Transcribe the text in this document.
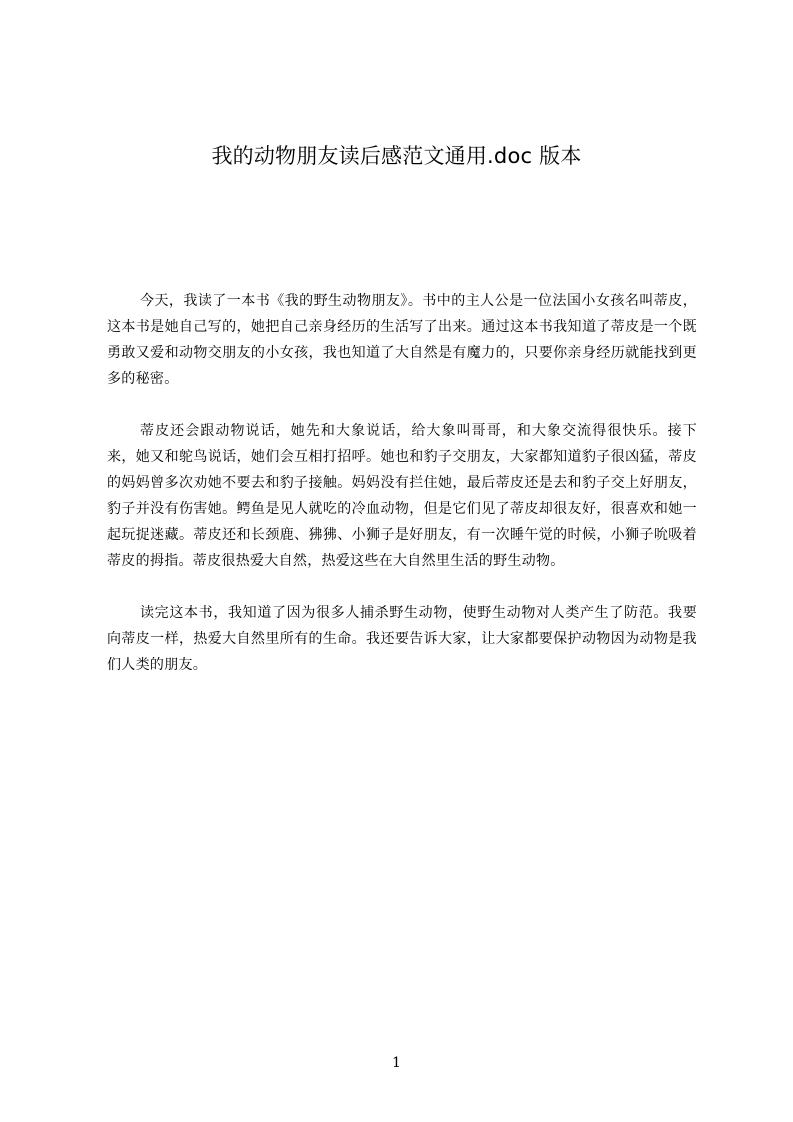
我的动物朋友读后感范文通用.doc 版本

今天，我读了一本书《我的野生动物朋友》。书中的主人公是一位法国小女孩名叫蒂皮，这本书是她自己写的，她把自己亲身经历的生活写了出来。通过这本书我知道了蒂皮是一个既勇敢又爱和动物交朋友的小女孩，我也知道了大自然是有魔力的，只要你亲身经历就能找到更多的秘密。

蒂皮还会跟动物说话，她先和大象说话，给大象叫哥哥，和大象交流得很快乐。接下来，她又和鸵鸟说话，她们会互相打招呼。她也和豹子交朋友，大家都知道豹子很凶猛，蒂皮的妈妈曾多次劝她不要去和豹子接触。妈妈没有拦住她，最后蒂皮还是去和豹子交上好朋友，豹子并没有伤害她。鳄鱼是见人就吃的冷血动物，但是它们见了蒂皮却很友好，很喜欢和她一起玩捉迷藏。蒂皮还和长颈鹿、狒狒、小狮子是好朋友，有一次睡午觉的时候，小狮子吮吸着蒂皮的拇指。蒂皮很热爱大自然，热爱这些在大自然里生活的野生动物。

读完这本书，我知道了因为很多人捕杀野生动物，使野生动物对人类产生了防范。我要向蒂皮一样，热爱大自然里所有的生命。我还要告诉大家，让大家都要保护动物因为动物是我们人类的朋友。

1
